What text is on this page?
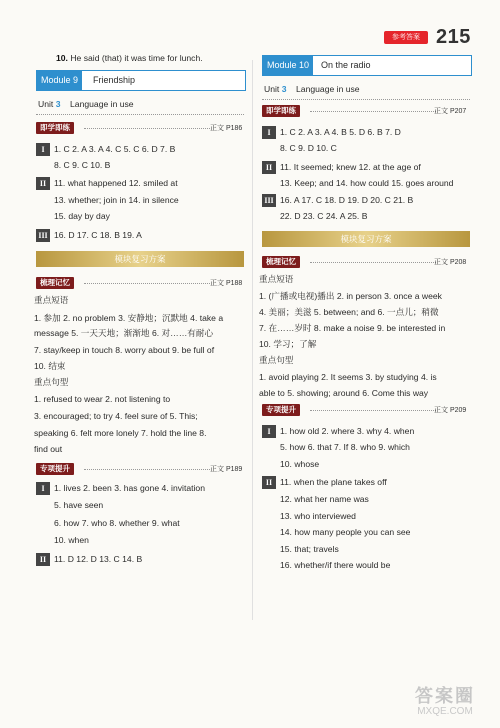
参考答案 215
10. He said (that) it was time for lunch.
Module 9	Friendship
Unit 3 Language in use
即学即练	正文 P186
I	1. C 2. A 3. A 4. C 5. C 6. D 7. B
8. C 9. C 10. B
II 11. what happened 12. smiled at
13. whether; join in 14. in silence
15. day by day
III 16. D 17. C 18. B 19. A
模块复习方案
梳理记忆	正文 P188
重点短语
1. 参加 2. no problem 3. 安静地；沉默地 4. take a
message 5. 一天天地；渐渐地 6. 对……有耐心
7. stay/keep in touch 8. worry about 9. be full of
10. 结束
重点句型
1. refused to wear 2. not listening to
3. encouraged; to try 4. feel sure of 5. This;
speaking 6. felt more lonely 7. hold the line 8.
find out
专项提升	正文 P189
I	1. lives 2. been 3. has gone 4. invitation
5. have seen
6. how 7. who 8. whether 9. what
10. when
II 11. D 12. D 13. C 14. B
Module 10	On the radio
Unit 3 Language in use
即学即练	正文 P207
I	1. C 2. A 3. A 4. B 5. D 6. B 7. D
8. C 9. D 10. C
II 11. It seemed; knew 12. at the age of
13. Keep; and 14. how could 15. goes around
III 16. A 17. C 18. D 19. D 20. C 21. B
22. D 23. C 24. A 25. B
模块复习方案
梳理记忆	正文 P208
重点短语
1. (广播或电视)播出 2. in person 3. once a week
4. 美丽；美滋 5. between; and 6. 一点儿；稍微
7. 在……岁时 8. make a noise 9. be interested in
10. 学习；了解
重点句型
1. avoid playing 2. It seems 3. by studying 4. is
able to 5. showing; around 6. Come this way
专项提升	正文 P209
I	1. how old 2. where 3. why 4. when
5. how 6. that 7. If 8. who 9. which
10. whose
II 11. when the plane takes off
12. what her name was
13. who interviewed
14. how many people you can see
15. that; travels
16. whether/if there would be
答案圈
MXQE.COM
